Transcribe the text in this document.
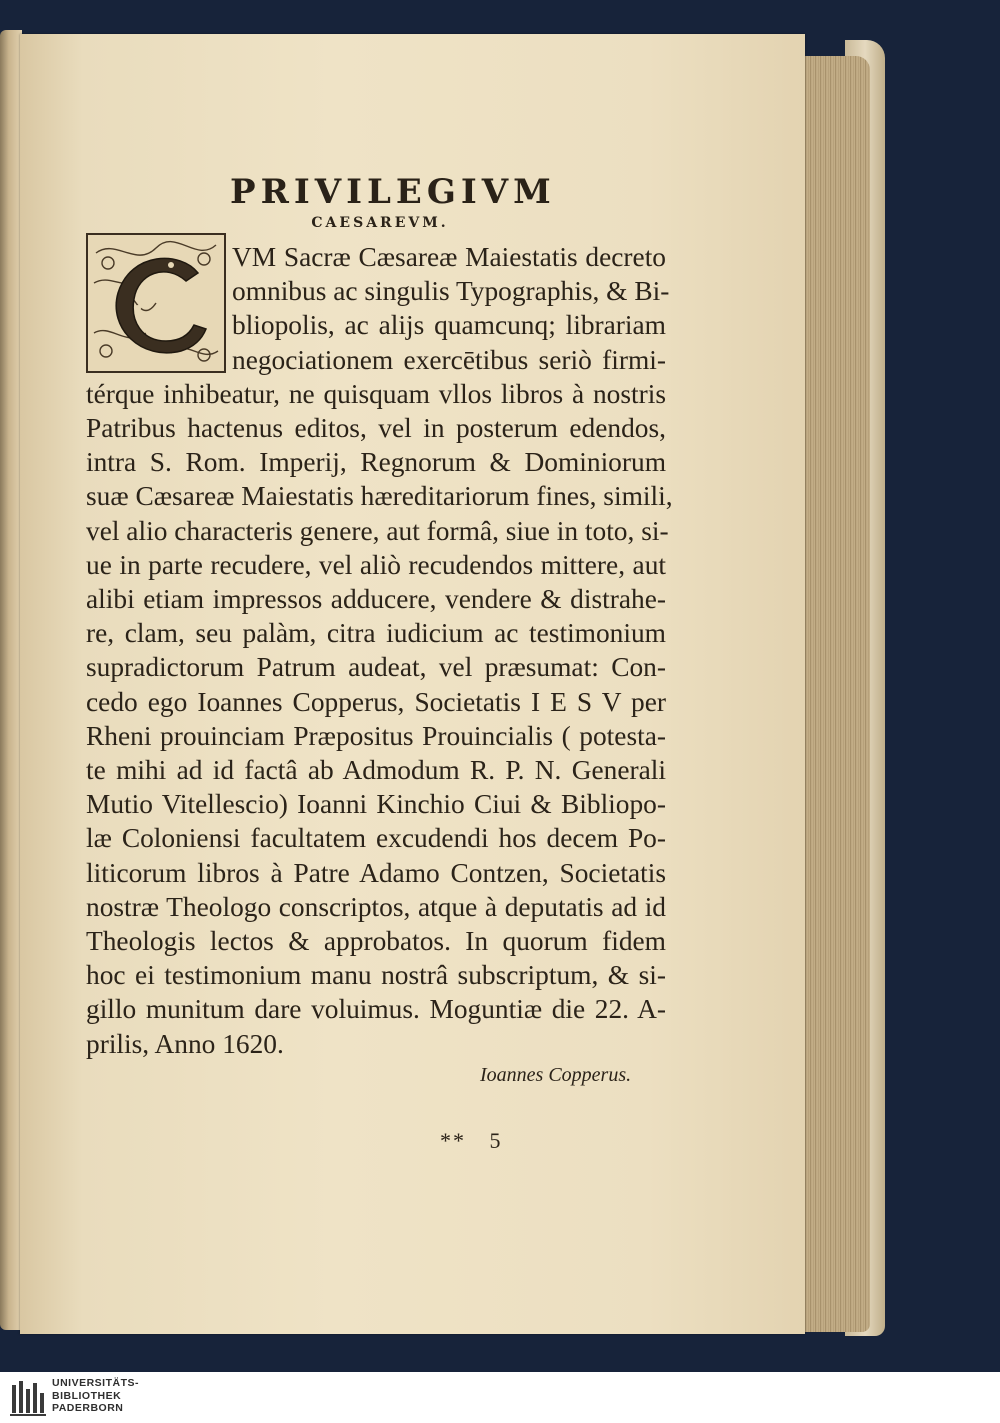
PRIVILEGIVM
CAESAREVM.
VM Sacræ Cæsareæ Maiestatis decreto
omnibus ac singulis Typographis, & Bi-
bliopolis, ac alijs quamcunq; librariam
negociationem exercētibus seriò firmi-
térque inhibeatur, ne quisquam vllos libros à nostris
Patribus hactenus editos, vel in posterum edendos,
intra S. Rom. Imperij, Regnorum & Dominiorum
suæ Cæsareæ Maiestatis hæreditariorum fines, simili,
vel alio characteris genere, aut formâ, siue in toto, si-
ue in parte recudere, vel aliò recudendos mittere, aut
alibi etiam impressos adducere, vendere & distrahe-
re, clam, seu palàm, citra iudicium ac testimonium
supradictorum Patrum audeat, vel præsumat: Con-
cedo ego Ioannes Copperus, Societatis I E S V per
Rheni prouinciam Præpositus Prouincialis ( potesta-
te mihi ad id factâ ab Admodum R. P. N. Generali
Mutio Vitellescio) Ioanni Kinchio Ciui & Bibliopo-
læ Coloniensi facultatem excudendi hos decem Po-
liticorum libros à Patre Adamo Contzen, Societatis
nostræ Theologo conscriptos, atque à deputatis ad id
Theologis lectos & approbatos. In quorum fidem
hoc ei testimonium manu nostrâ subscriptum, & si-
gillo munitum dare voluimus. Moguntiæ die 22. A-
prilis, Anno 1620.

Ioannes Copperus.

** 5
UNIVERSITÄTS-
BIBLIOTHEK
PADERBORN
